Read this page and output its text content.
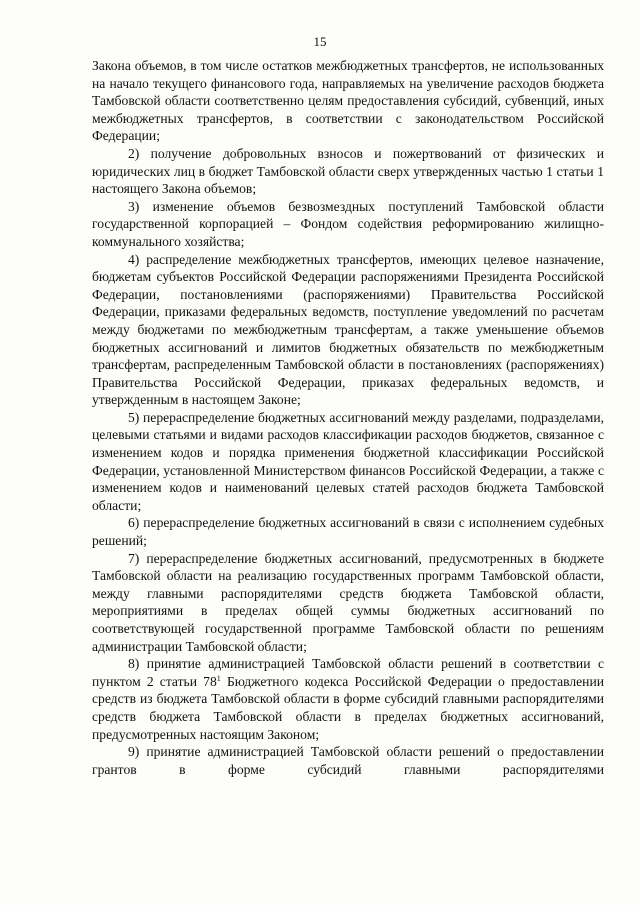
15

Закона объемов, в том числе остатков межбюджетных трансфертов, не использованных на начало текущего финансового года, направляемых на увеличение расходов бюджета Тамбовской области соответственно целям предоставления субсидий, субвенций, иных межбюджетных трансфертов, в соответствии с законодательством Российской Федерации;

2) получение добровольных взносов и пожертвований от физических и юридических лиц в бюджет Тамбовской области сверх утвержденных частью 1 статьи 1 настоящего Закона объемов;

3) изменение объемов безвозмездных поступлений Тамбовской области государственной корпорацией – Фондом содействия реформированию жилищно-коммунального хозяйства;

4) распределение межбюджетных трансфертов, имеющих целевое назначение, бюджетам субъектов Российской Федерации распоряжениями Президента Российской Федерации, постановлениями (распоряжениями) Правительства Российской Федерации, приказами федеральных ведомств, поступление уведомлений по расчетам между бюджетами по межбюджетным трансфертам, а также уменьшение объемов бюджетных ассигнований и лимитов бюджетных обязательств по межбюджетным трансфертам, распределенным Тамбовской области в постановлениях (распоряжениях) Правительства Российской Федерации, приказах федеральных ведомств, и утвержденным в настоящем Законе;

5) перераспределение бюджетных ассигнований между разделами, подразделами, целевыми статьями и видами расходов классификации расходов бюджетов, связанное с изменением кодов и порядка применения бюджетной классификации Российской Федерации, установленной Министерством финансов Российской Федерации, а также с изменением кодов и наименований целевых статей расходов бюджета Тамбовской области;

6) перераспределение бюджетных ассигнований в связи с исполнением судебных решений;

7) перераспределение бюджетных ассигнований, предусмотренных в бюджете Тамбовской области на реализацию государственных программ Тамбовской области, между главными распорядителями средств бюджета Тамбовской области, мероприятиями в пределах общей суммы бюджетных ассигнований по соответствующей государственной программе Тамбовской области по решениям администрации Тамбовской области;

8) принятие администрацией Тамбовской области решений в соответствии с пунктом 2 статьи $78^1$ Бюджетного кодекса Российской Федерации о предоставлении средств из бюджета Тамбовской области в форме субсидий главными распорядителями средств бюджета Тамбовской области в пределах бюджетных ассигнований, предусмотренных настоящим Законом;

9) принятие администрацией Тамбовской области решений о предоставлении грантов в форме субсидий главными распорядителями
